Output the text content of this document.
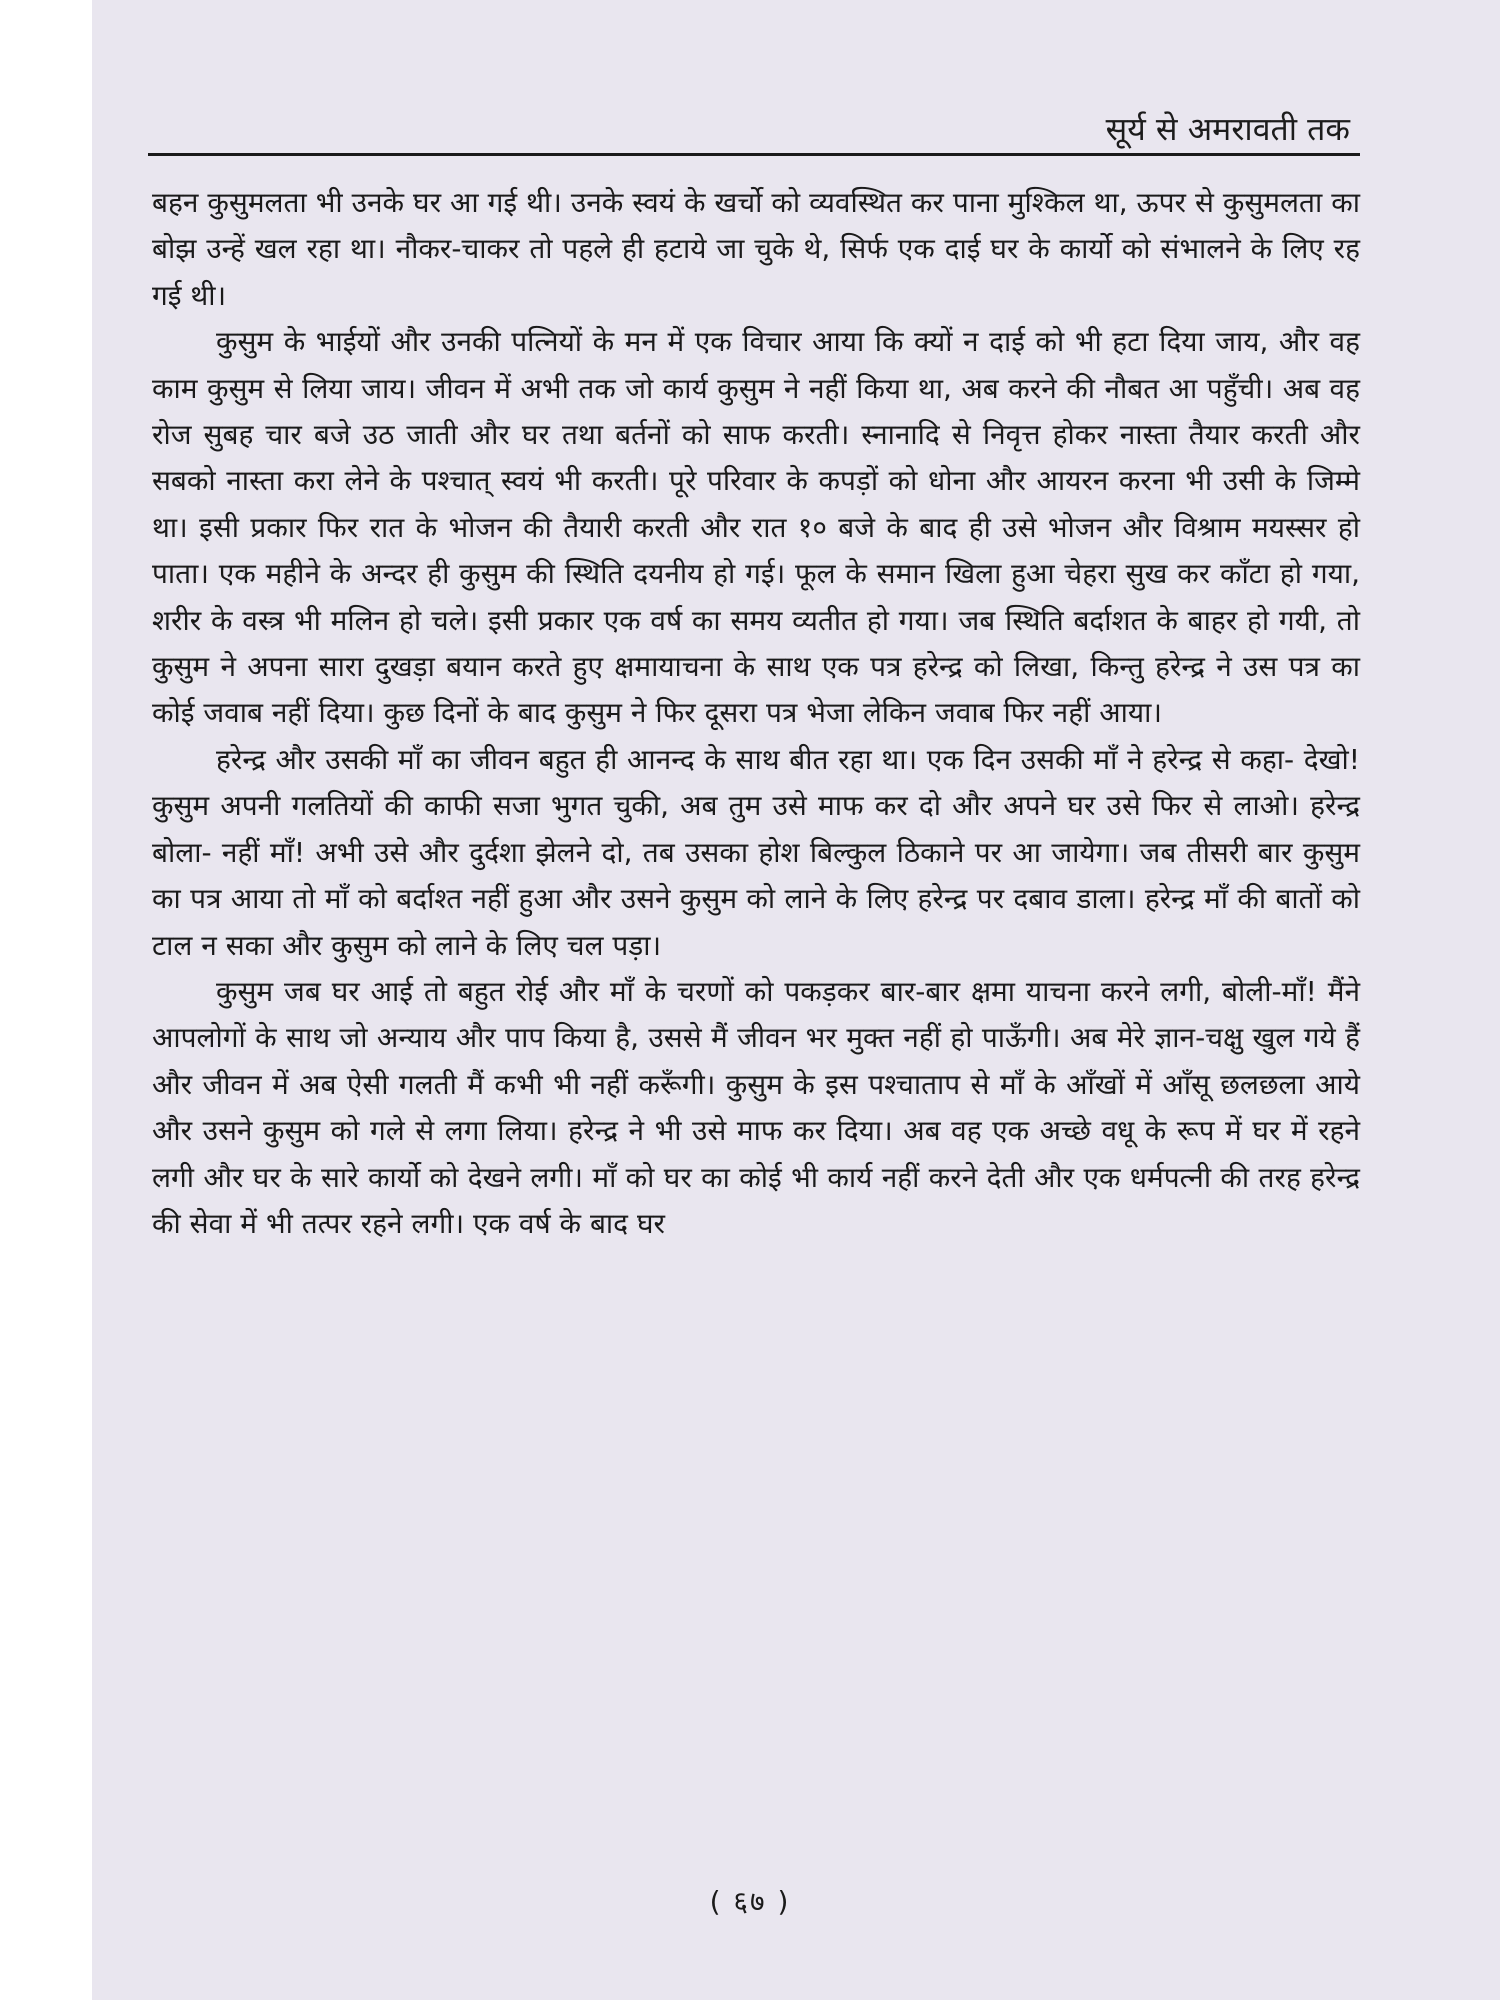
सूर्य से अमरावती तक

बहन कुसुमलता भी उनके घर आ गई थी। उनके स्वयं के खर्चो को व्यवस्थित कर पाना मुश्किल था, ऊपर से कुसुमलता का बोझ उन्हें खल रहा था। नौकर-चाकर तो पहले ही हटाये जा चुके थे, सिर्फ एक दाई घर के कार्यो को संभालने के लिए रह गई थी।

कुसुम के भाईयों और उनकी पत्नियों के मन में एक विचार आया कि क्यों न दाई को भी हटा दिया जाय, और वह काम कुसुम से लिया जाय। जीवन में अभी तक जो कार्य कुसुम ने नहीं किया था, अब करने की नौबत आ पहुँची। अब वह रोज सुबह चार बजे उठ जाती और घर तथा बर्तनों को साफ करती। स्नानादि से निवृत्त होकर नास्ता तैयार करती और सबको नास्ता करा लेने के पश्चात् स्वयं भी करती। पूरे परिवार के कपड़ों को धोना और आयरन करना भी उसी के जिम्मे था। इसी प्रकार फिर रात के भोजन की तैयारी करती और रात १० बजे के बाद ही उसे भोजन और विश्राम मयस्सर हो पाता। एक महीने के अन्दर ही कुसुम की स्थिति दयनीय हो गई। फूल के समान खिला हुआ चेहरा सुख कर काँटा हो गया, शरीर के वस्त्र भी मलिन हो चले। इसी प्रकार एक वर्ष का समय व्यतीत हो गया। जब स्थिति बर्दाशत के बाहर हो गयी, तो कुसुम ने अपना सारा दुखड़ा बयान करते हुए क्षमायाचना के साथ एक पत्र हरेन्द्र को लिखा, किन्तु हरेन्द्र ने उस पत्र का कोई जवाब नहीं दिया। कुछ दिनों के बाद कुसुम ने फिर दूसरा पत्र भेजा लेकिन जवाब फिर नहीं आया।

हरेन्द्र और उसकी माँ का जीवन बहुत ही आनन्द के साथ बीत रहा था। एक दिन उसकी माँ ने हरेन्द्र से कहा- देखो! कुसुम अपनी गलतियों की काफी सजा भुगत चुकी, अब तुम उसे माफ कर दो और अपने घर उसे फिर से लाओ। हरेन्द्र बोला- नहीं माँ! अभी उसे और दुर्दशा झेलने दो, तब उसका होश बिल्कुल ठिकाने पर आ जायेगा। जब तीसरी बार कुसुम का पत्र आया तो माँ को बर्दाश्त नहीं हुआ और उसने कुसुम को लाने के लिए हरेन्द्र पर दबाव डाला। हरेन्द्र माँ की बातों को टाल न सका और कुसुम को लाने के लिए चल पड़ा।

कुसुम जब घर आई तो बहुत रोई और माँ के चरणों को पकड़कर बार-बार क्षमा याचना करने लगी, बोली-माँ! मैंने आपलोगों के साथ जो अन्याय और पाप किया है, उससे मैं जीवन भर मुक्त नहीं हो पाऊँगी। अब मेरे ज्ञान-चक्षु खुल गये हैं और जीवन में अब ऐसी गलती मैं कभी भी नहीं करूँगी। कुसुम के इस पश्चाताप से माँ के आँखों में आँसू छलछला आये और उसने कुसुम को गले से लगा लिया। हरेन्द्र ने भी उसे माफ कर दिया। अब वह एक अच्छे वधू के रूप में घर में रहने लगी और घर के सारे कार्यो को देखने लगी। माँ को घर का कोई भी कार्य नहीं करने देती और एक धर्मपत्नी की तरह हरेन्द्र की सेवा में भी तत्पर रहने लगी। एक वर्ष के बाद घर

( ६७ )
